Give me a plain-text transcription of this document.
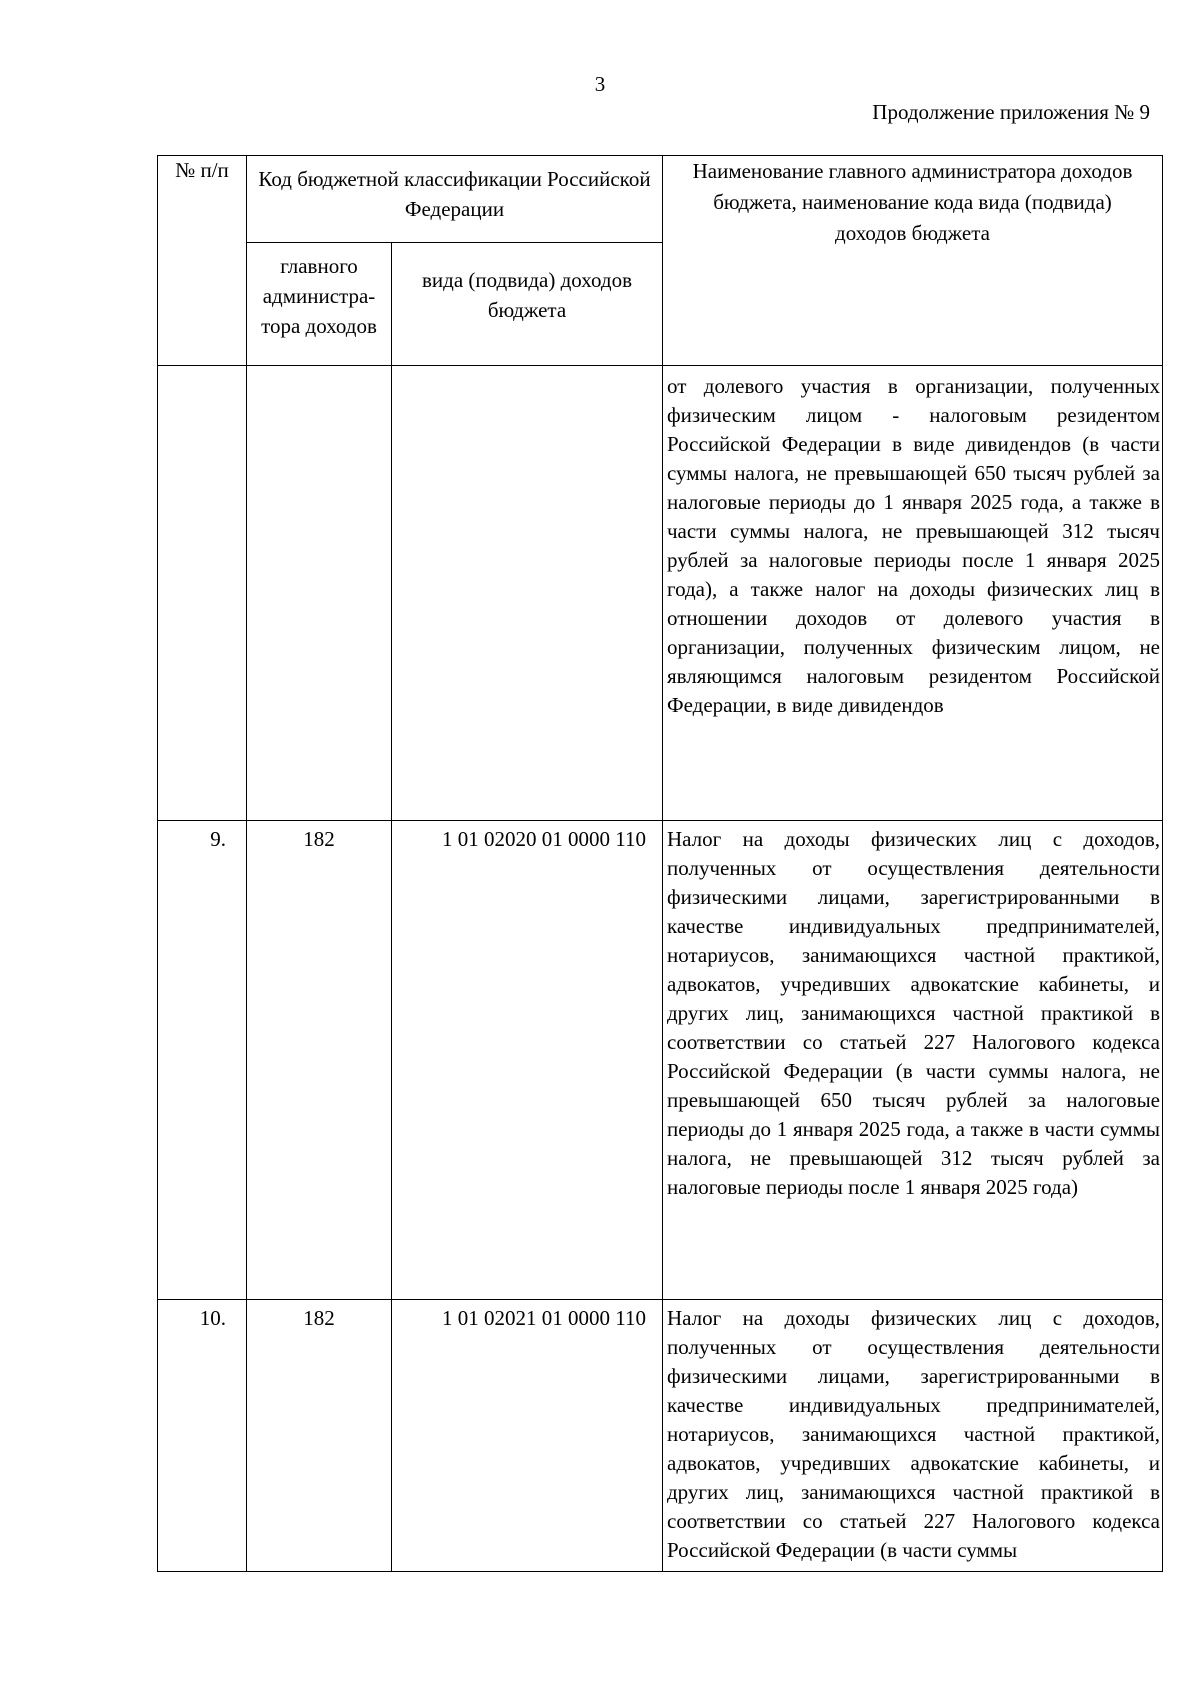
3
Продолжение приложения № 9
№ п/п	Код бюджетной классификации Российской Федерации		Наименование главного администратора доходов бюджета, наименование кода вида (подвида) доходов бюджета
	главного администра-тора доходов	вида (подвида) доходов бюджета	
			от долевого участия в организации, полученных физическим лицом - налоговым резидентом Российской Федерации в виде дивидендов (в части суммы налога, не превышающей 650 тысяч рублей за налоговые периоды до 1 января 2025 года, а также в части суммы налога, не превышающей 312 тысяч рублей за налоговые периоды после 1 января 2025 года), а также налог на доходы физических лиц в отношении доходов от долевого участия в организации, полученных физическим лицом, не являющимся налоговым резидентом Российской Федерации, в виде дивидендов
9.	182	1 01 02020 01 0000 110	Налог на доходы физических лиц с доходов, полученных от осуществления деятельности физическими лицами, зарегистрированными в качестве индивидуальных предпринимателей, нотариусов, занимающихся частной практикой, адвокатов, учредивших адвокатские кабинеты, и других лиц, занимающихся частной практикой в соответствии со статьей 227 Налогового кодекса Российской Федерации (в части суммы налога, не превышающей 650 тысяч рублей за налоговые периоды до 1 января 2025 года, а также в части суммы налога, не превышающей 312 тысяч рублей за налоговые периоды после 1 января 2025 года)
10.	182	1 01 02021 01 0000 110	Налог на доходы физических лиц с доходов, полученных от осуществления деятельности физическими лицами, зарегистрированными в качестве индивидуальных предпринимателей, нотариусов, занимающихся частной практикой, адвокатов, учредивших адвокатские кабинеты, и других лиц, занимающихся частной практикой в соответствии со статьей 227 Налогового кодекса Российской Федерации (в части суммы
